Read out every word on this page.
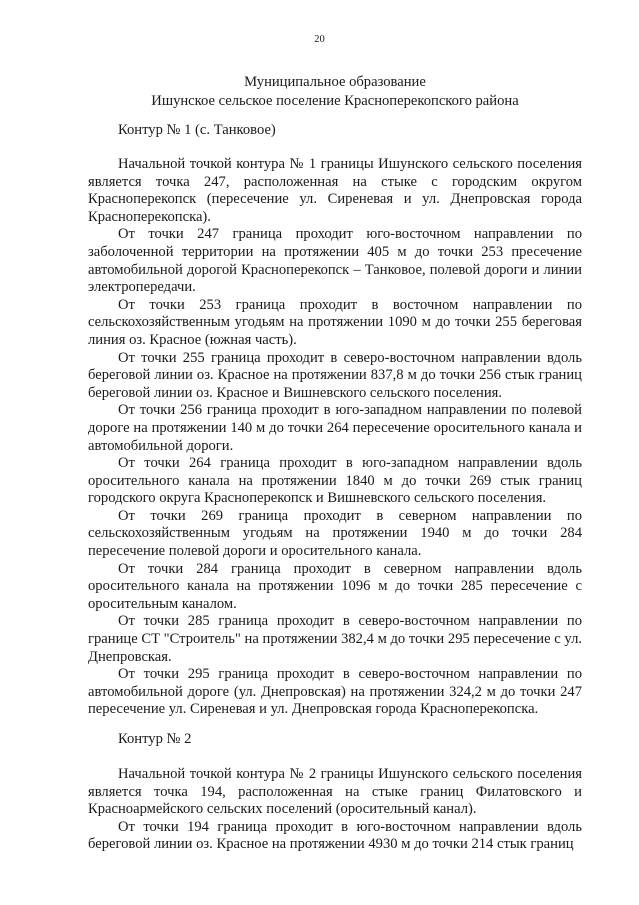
20
Муниципальное образование
Ишунское сельское поселение Красноперекопского района
Контур № 1 (с. Танковое)

Начальной точкой контура № 1 границы Ишунского сельского поселения является точка 247, расположенная на стыке с городским округом Красноперекопск (пересечение ул. Сиреневая и ул. Днепровская города Красноперекопска).

От точки 247 граница проходит юго-восточном направлении по заболоченной территории на протяжении 405 м до точки 253 пресечение автомобильной дорогой Красноперекопск – Танковое, полевой дороги и линии электропередачи.

От точки 253 граница проходит в восточном направлении по сельскохозяйственным угодьям на протяжении 1090 м до точки 255 береговая линия оз. Красное (южная часть).

От точки 255 граница проходит в северо-восточном направлении вдоль береговой линии оз. Красное на протяжении 837,8 м до точки 256 стык границ береговой линии оз. Красное и Вишневского сельского поселения.

От точки 256 граница проходит в юго-западном направлении по полевой дороге на протяжении 140 м до точки 264 пересечение оросительного канала и автомобильной дороги.

От точки 264 граница проходит в юго-западном направлении вдоль оросительного канала на протяжении 1840 м до точки 269 стык границ городского округа Красноперекопск и Вишневского сельского поселения.

От точки 269 граница проходит в северном направлении по сельскохозяйственным угодьям на протяжении 1940 м до точки 284 пересечение полевой дороги и оросительного канала.

От точки 284 граница проходит в северном направлении вдоль оросительного канала на протяжении 1096 м до точки 285 пересечение с оросительным каналом.

От точки 285 граница проходит в северо-восточном направлении по границе СТ "Строитель" на протяжении 382,4 м до точки 295 пересечение с ул. Днепровская.

От точки 295 граница проходит в северо-восточном направлении по автомобильной дороге (ул. Днепровская) на протяжении 324,2 м до точки 247 пересечение ул. Сиреневая и ул. Днепровская города Красноперекопска.

Контур № 2

Начальной точкой контура № 2 границы Ишунского сельского поселения является точка 194, расположенная на стыке границ Филатовского и Красноармейского сельских поселений (оросительный канал).

От точки 194 граница проходит в юго-восточном направлении вдоль береговой линии оз. Красное на протяжении 4930 м до точки 214 стык границ
